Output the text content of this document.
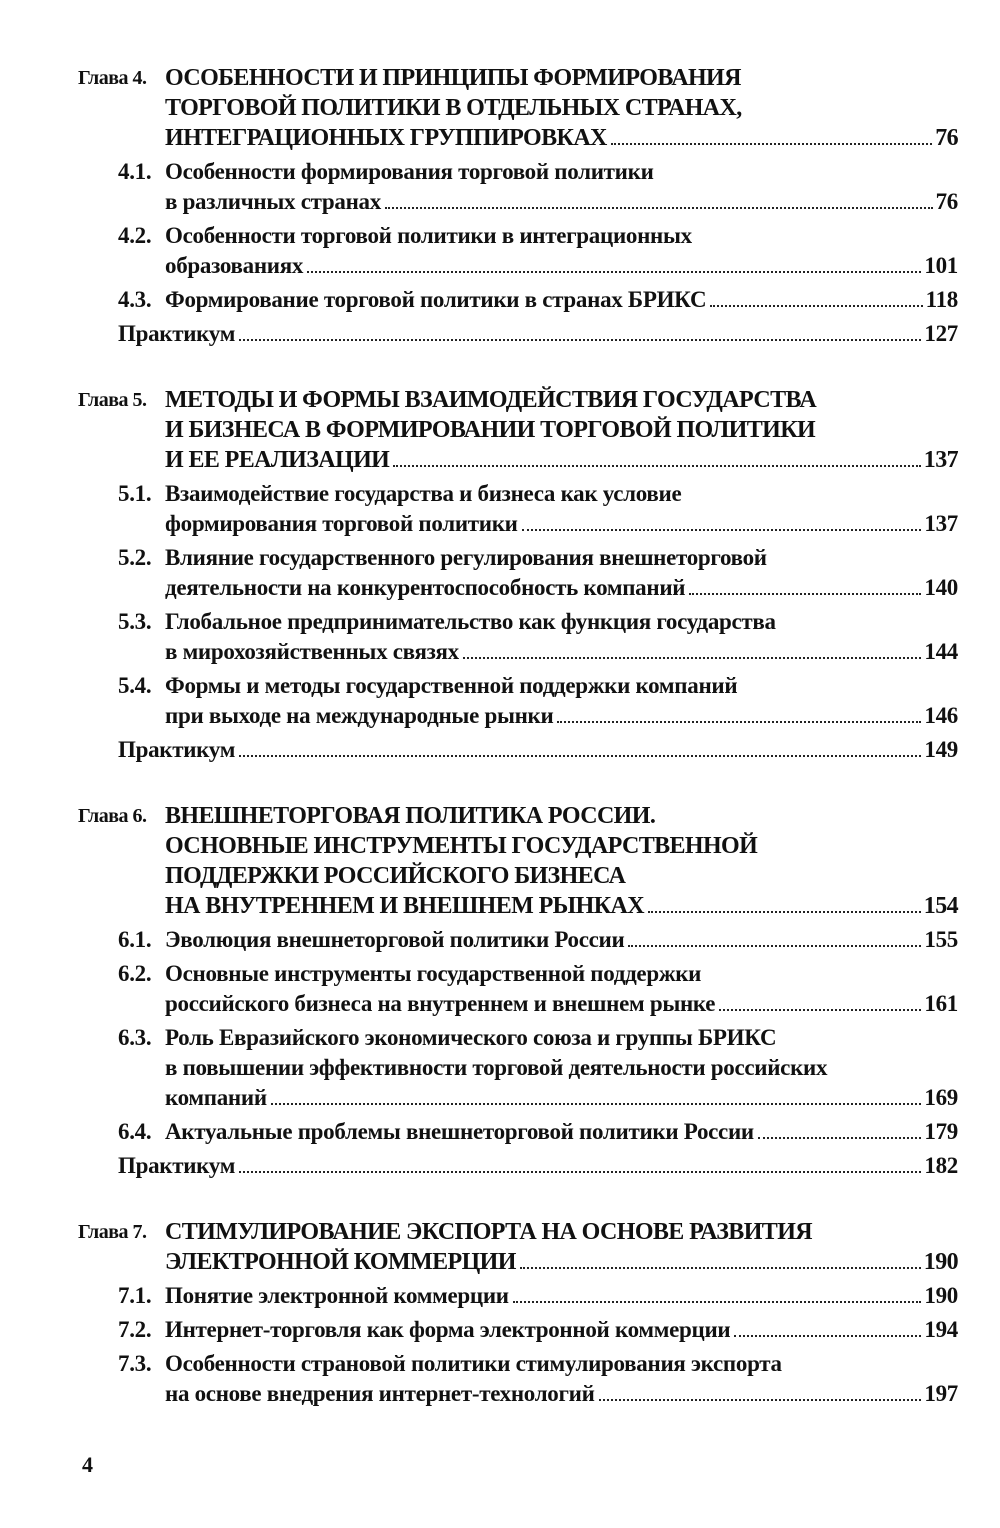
Глава 4. ОСОБЕННОСТИ И ПРИНЦИПЫ ФОРМИРОВАНИЯ
ТОРГОВОЙ ПОЛИТИКИ В ОТДЕЛЬНЫХ СТРАНАХ,
ИНТЕГРАЦИОННЫХ ГРУППИРОВКАХ	76
4.1. Особенности формирования торговой политики
в различных странах	76
4.2. Особенности торговой политики в интеграционных
образованиях	101
4.3. Формирование торговой политики в странах БРИКС	118
Практикум	127
Глава 5. МЕТОДЫ И ФОРМЫ ВЗАИМОДЕЙСТВИЯ ГОСУДАРСТВА
И БИЗНЕСА В ФОРМИРОВАНИИ ТОРГОВОЙ ПОЛИТИКИ
И ЕЕ РЕАЛИЗАЦИИ	137
5.1. Взаимодействие государства и бизнеса как условие
формирования торговой политики	137
5.2. Влияние государственного регулирования внешнеторговой
деятельности на конкурентоспособность компаний	140
5.3. Глобальное предпринимательство как функция государства
в мирохозяйственных связях	144
5.4. Формы и методы государственной поддержки компаний
при выходе на международные рынки	146
Практикум	149
Глава 6. ВНЕШНЕТОРГОВАЯ ПОЛИТИКА РОССИИ.
ОСНОВНЫЕ ИНСТРУМЕНТЫ ГОСУДАРСТВЕННОЙ
ПОДДЕРЖКИ РОССИЙСКОГО БИЗНЕСА
НА ВНУТРЕННЕМ И ВНЕШНЕМ РЫНКАХ	154
6.1. Эволюция внешнеторговой политики России	155
6.2. Основные инструменты государственной поддержки
российского бизнеса на внутреннем и внешнем рынке	161
6.3. Роль Евразийского экономического союза и группы БРИКС
в повышении эффективности торговой деятельности российских
компаний	169
6.4. Актуальные проблемы внешнеторговой политики России	179
Практикум	182
Глава 7. СТИМУЛИРОВАНИЕ ЭКСПОРТА НА ОСНОВЕ РАЗВИТИЯ
ЭЛЕКТРОННОЙ КОММЕРЦИИ	190
7.1. Понятие электронной коммерции	190
7.2. Интернет-торговля как форма электронной коммерции	194
7.3. Особенности страновой политики стимулирования экспорта
на основе внедрения интернет-технологий	197
4
